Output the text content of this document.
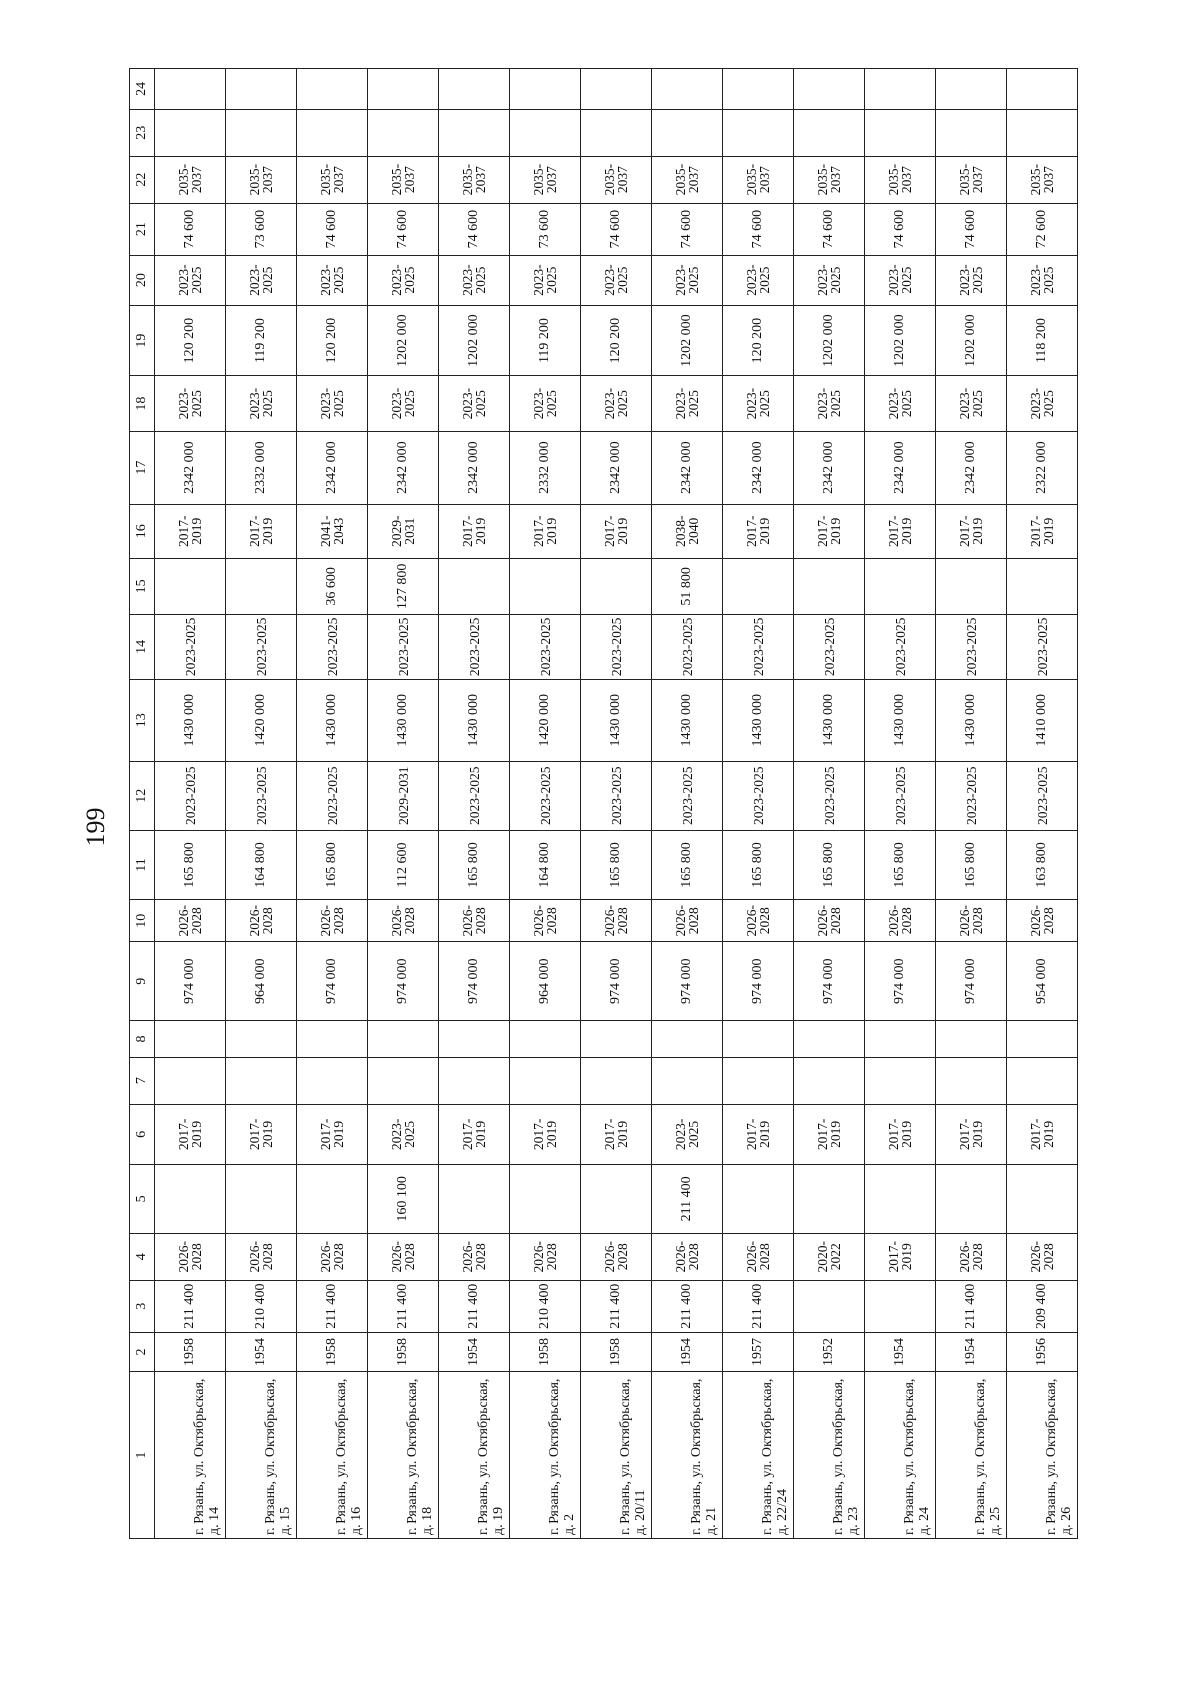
199
1	2	3	4	5	6	7	8	9	10	11	12	13	14	15	16	17	18	19	20	21	22	23	24
г. Рязань, ул. Октябрьская, д. 14	1958	211 400	2026-2028		2017-2019			974 000	2026-2028	165 800	2023-2025	1430 000	2023-2025		2017-2019	2342 000	2023-2025	120 200	2023-2025	74 600	2035-2037		
г. Рязань, ул. Октябрьская, д. 15	1954	210 400	2026-2028		2017-2019			964 000	2026-2028	164 800	2023-2025	1420 000	2023-2025		2017-2019	2332 000	2023-2025	119 200	2023-2025	73 600	2035-2037		
г. Рязань, ул. Октябрьская, д. 16	1958	211 400	2026-2028		2017-2019			974 000	2026-2028	165 800	2023-2025	1430 000	2023-2025	36 600	2041-2043	2342 000	2023-2025	120 200	2023-2025	74 600	2035-2037		
г. Рязань, ул. Октябрьская, д. 18	1958	211 400	2026-2028	160 100	2023-2025			974 000	2026-2028	112 600	2029-2031	1430 000	2023-2025	127 800	2029-2031	2342 000	2023-2025	1202 000	2023-2025	74 600	2035-2037		
г. Рязань, ул. Октябрьская, д. 19	1954	211 400	2026-2028		2017-2019			974 000	2026-2028	165 800	2023-2025	1430 000	2023-2025		2017-2019	2342 000	2023-2025	1202 000	2023-2025	74 600	2035-2037		
г. Рязань, ул. Октябрьская, д. 2	1958	210 400	2026-2028		2017-2019			964 000	2026-2028	164 800	2023-2025	1420 000	2023-2025		2017-2019	2332 000	2023-2025	119 200	2023-2025	73 600	2035-2037		
г. Рязань, ул. Октябрьская, д. 20/11	1958	211 400	2026-2028		2017-2019			974 000	2026-2028	165 800	2023-2025	1430 000	2023-2025		2017-2019	2342 000	2023-2025	120 200	2023-2025	74 600	2035-2037		
г. Рязань, ул. Октябрьская, д. 21	1954	211 400	2026-2028	211 400	2023-2025			974 000	2026-2028	165 800	2023-2025	1430 000	2023-2025	51 800	2038-2040	2342 000	2023-2025	1202 000	2023-2025	74 600	2035-2037		
г. Рязань, ул. Октябрьская, д. 22/24	1957	211 400	2026-2028		2017-2019			974 000	2026-2028	165 800	2023-2025	1430 000	2023-2025		2017-2019	2342 000	2023-2025	120 200	2023-2025	74 600	2035-2037		
г. Рязань, ул. Октябрьская, д. 23	1952		2020-2022		2017-2019			974 000	2026-2028	165 800	2023-2025	1430 000	2023-2025		2017-2019	2342 000	2023-2025	1202 000	2023-2025	74 600	2035-2037		
г. Рязань, ул. Октябрьская, д. 24	1954		2017-2019		2017-2019			974 000	2026-2028	165 800	2023-2025	1430 000	2023-2025		2017-2019	2342 000	2023-2025	1202 000	2023-2025	74 600	2035-2037		
г. Рязань, ул. Октябрьская, д. 25	1954	211 400	2026-2028		2017-2019			974 000	2026-2028	165 800	2023-2025	1430 000	2023-2025		2017-2019	2342 000	2023-2025	1202 000	2023-2025	74 600	2035-2037		
г. Рязань, ул. Октябрьская, д. 26	1956	209 400	2026-2028		2017-2019			954 000	2026-2028	163 800	2023-2025	1410 000	2023-2025		2017-2019	2322 000	2023-2025	118 200	2023-2025	72 600	2035-2037		
